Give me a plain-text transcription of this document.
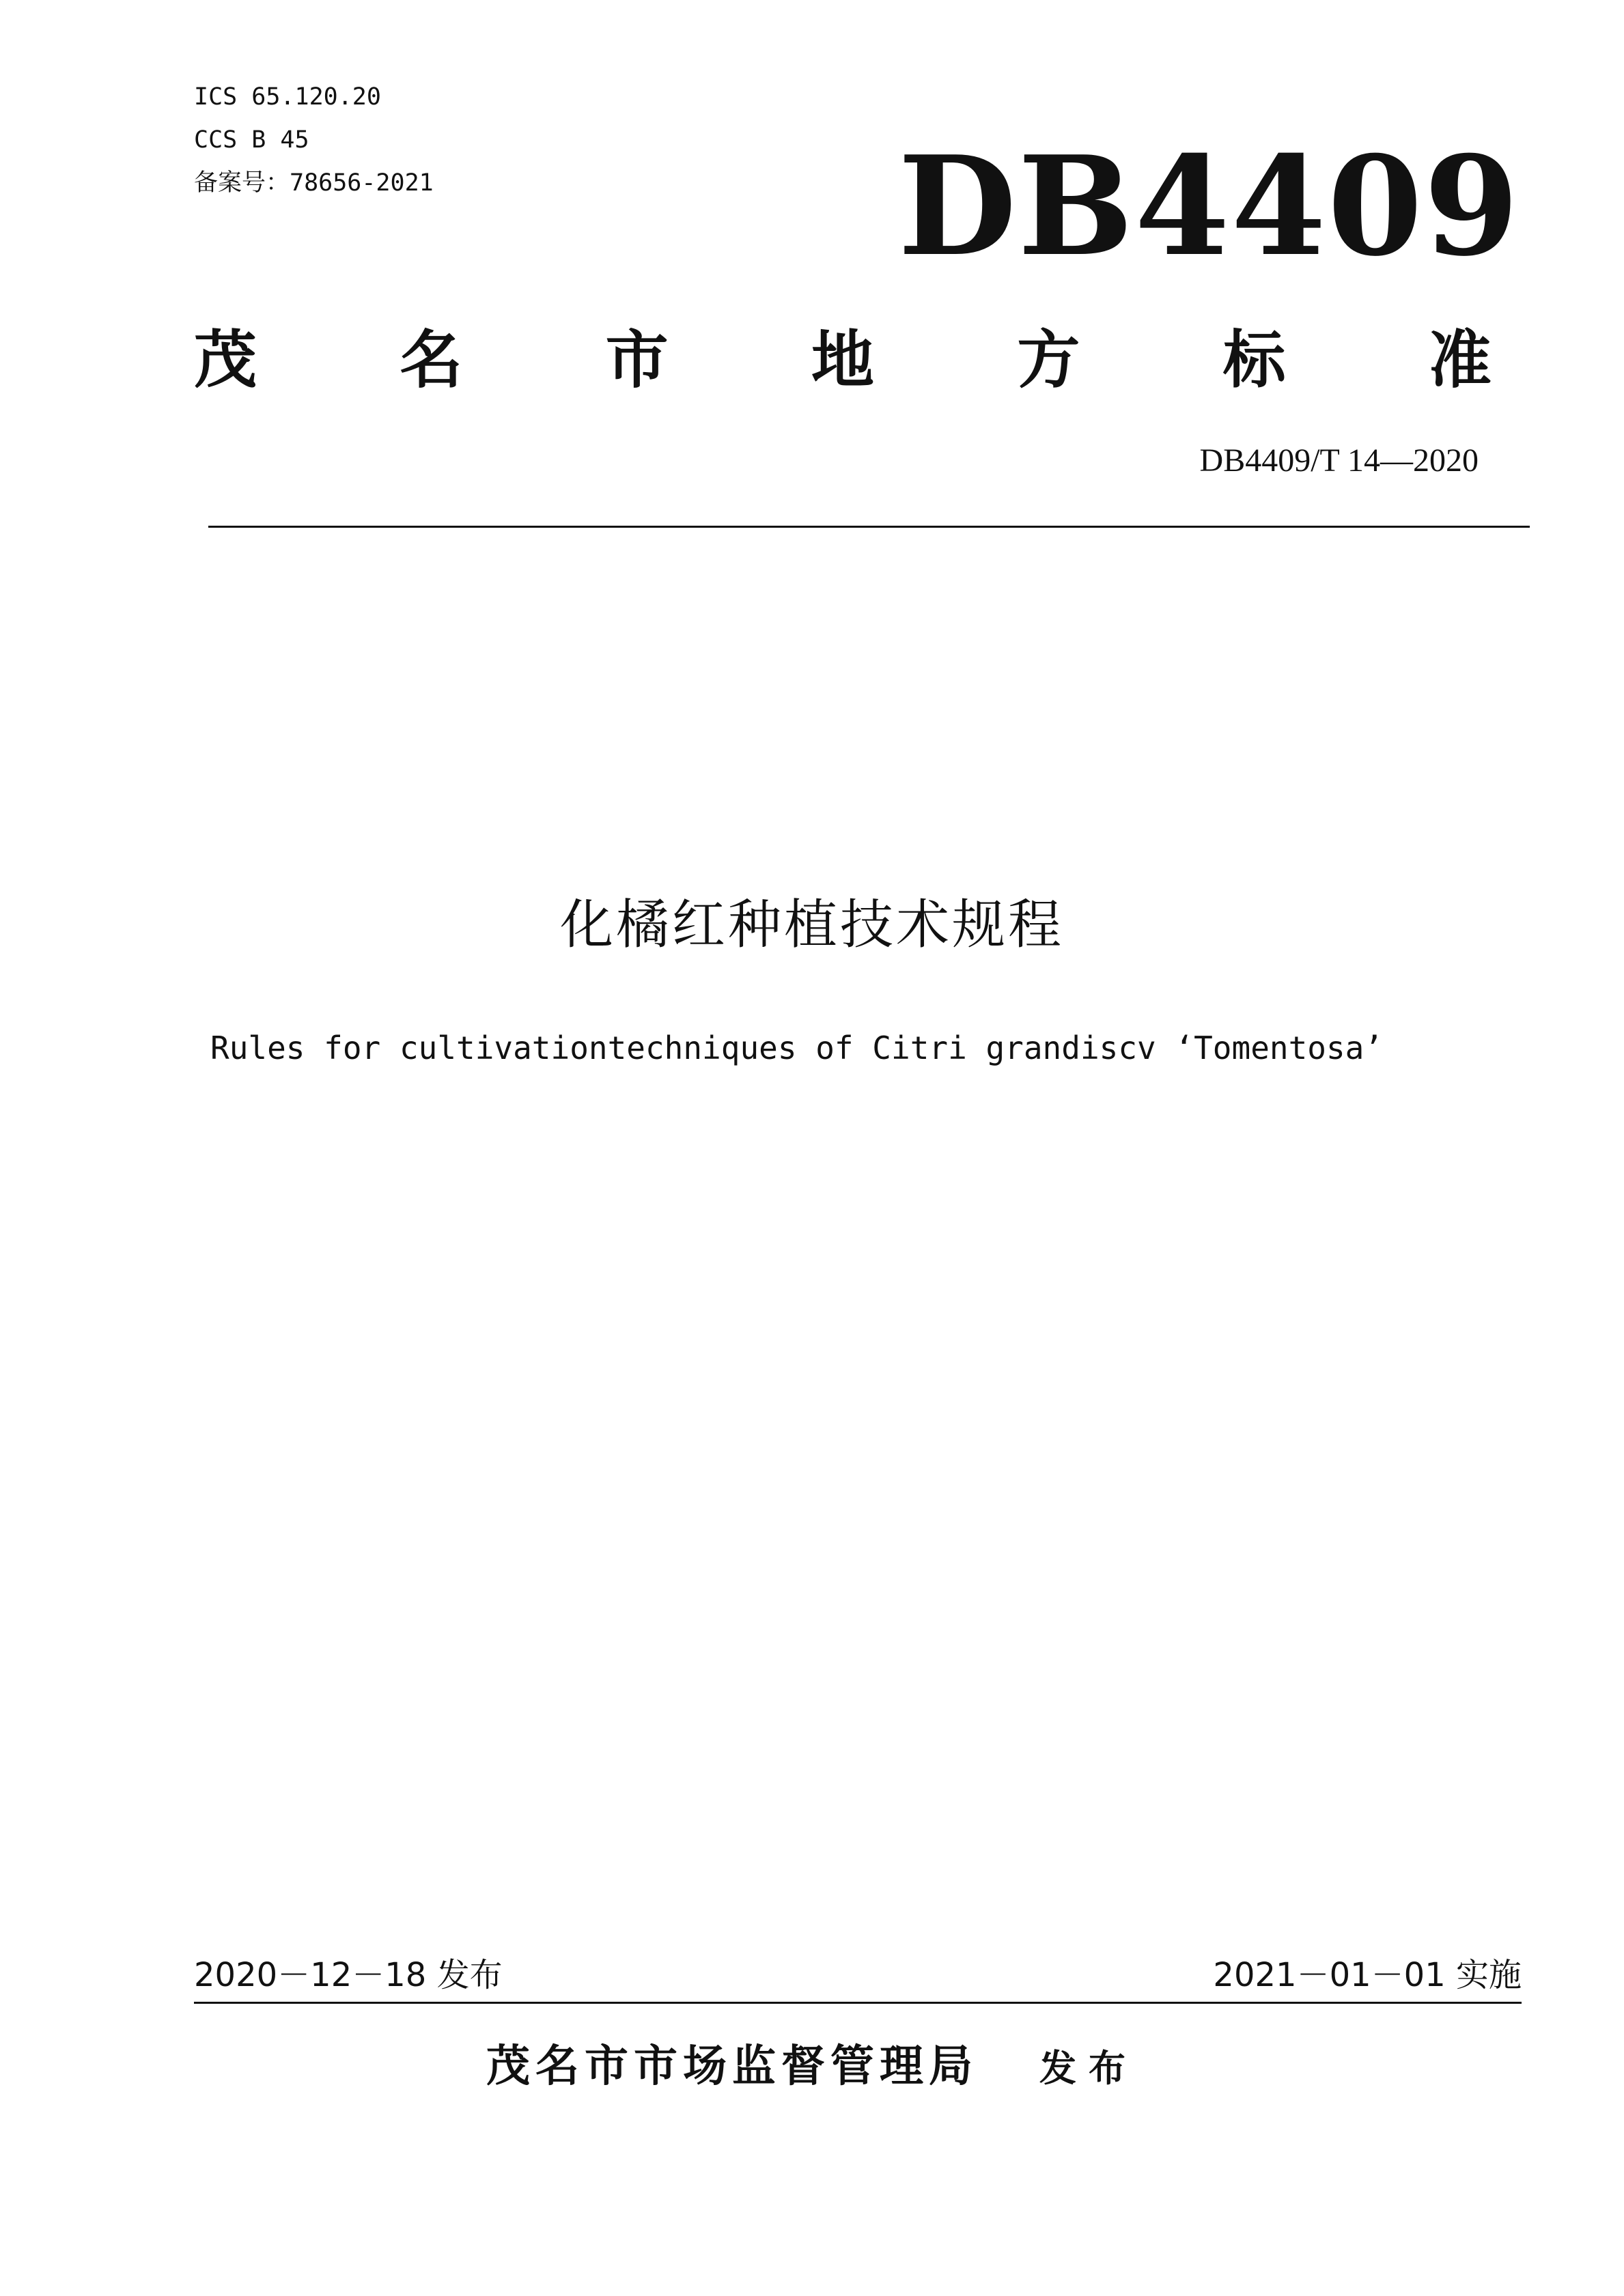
ICS 65.120.20
CCS B 45
备案号：78656-2021	DB4409
茂 名 市 地 方 标 准
DB4409/T 14—2020
化橘红种植技术规程
Rules for cultivationtechniques of Citri grandiscv ‘Tomentosa’
2020－12－18 发布	2021－01－01 实施
茂名市市场监督管理局 发布
